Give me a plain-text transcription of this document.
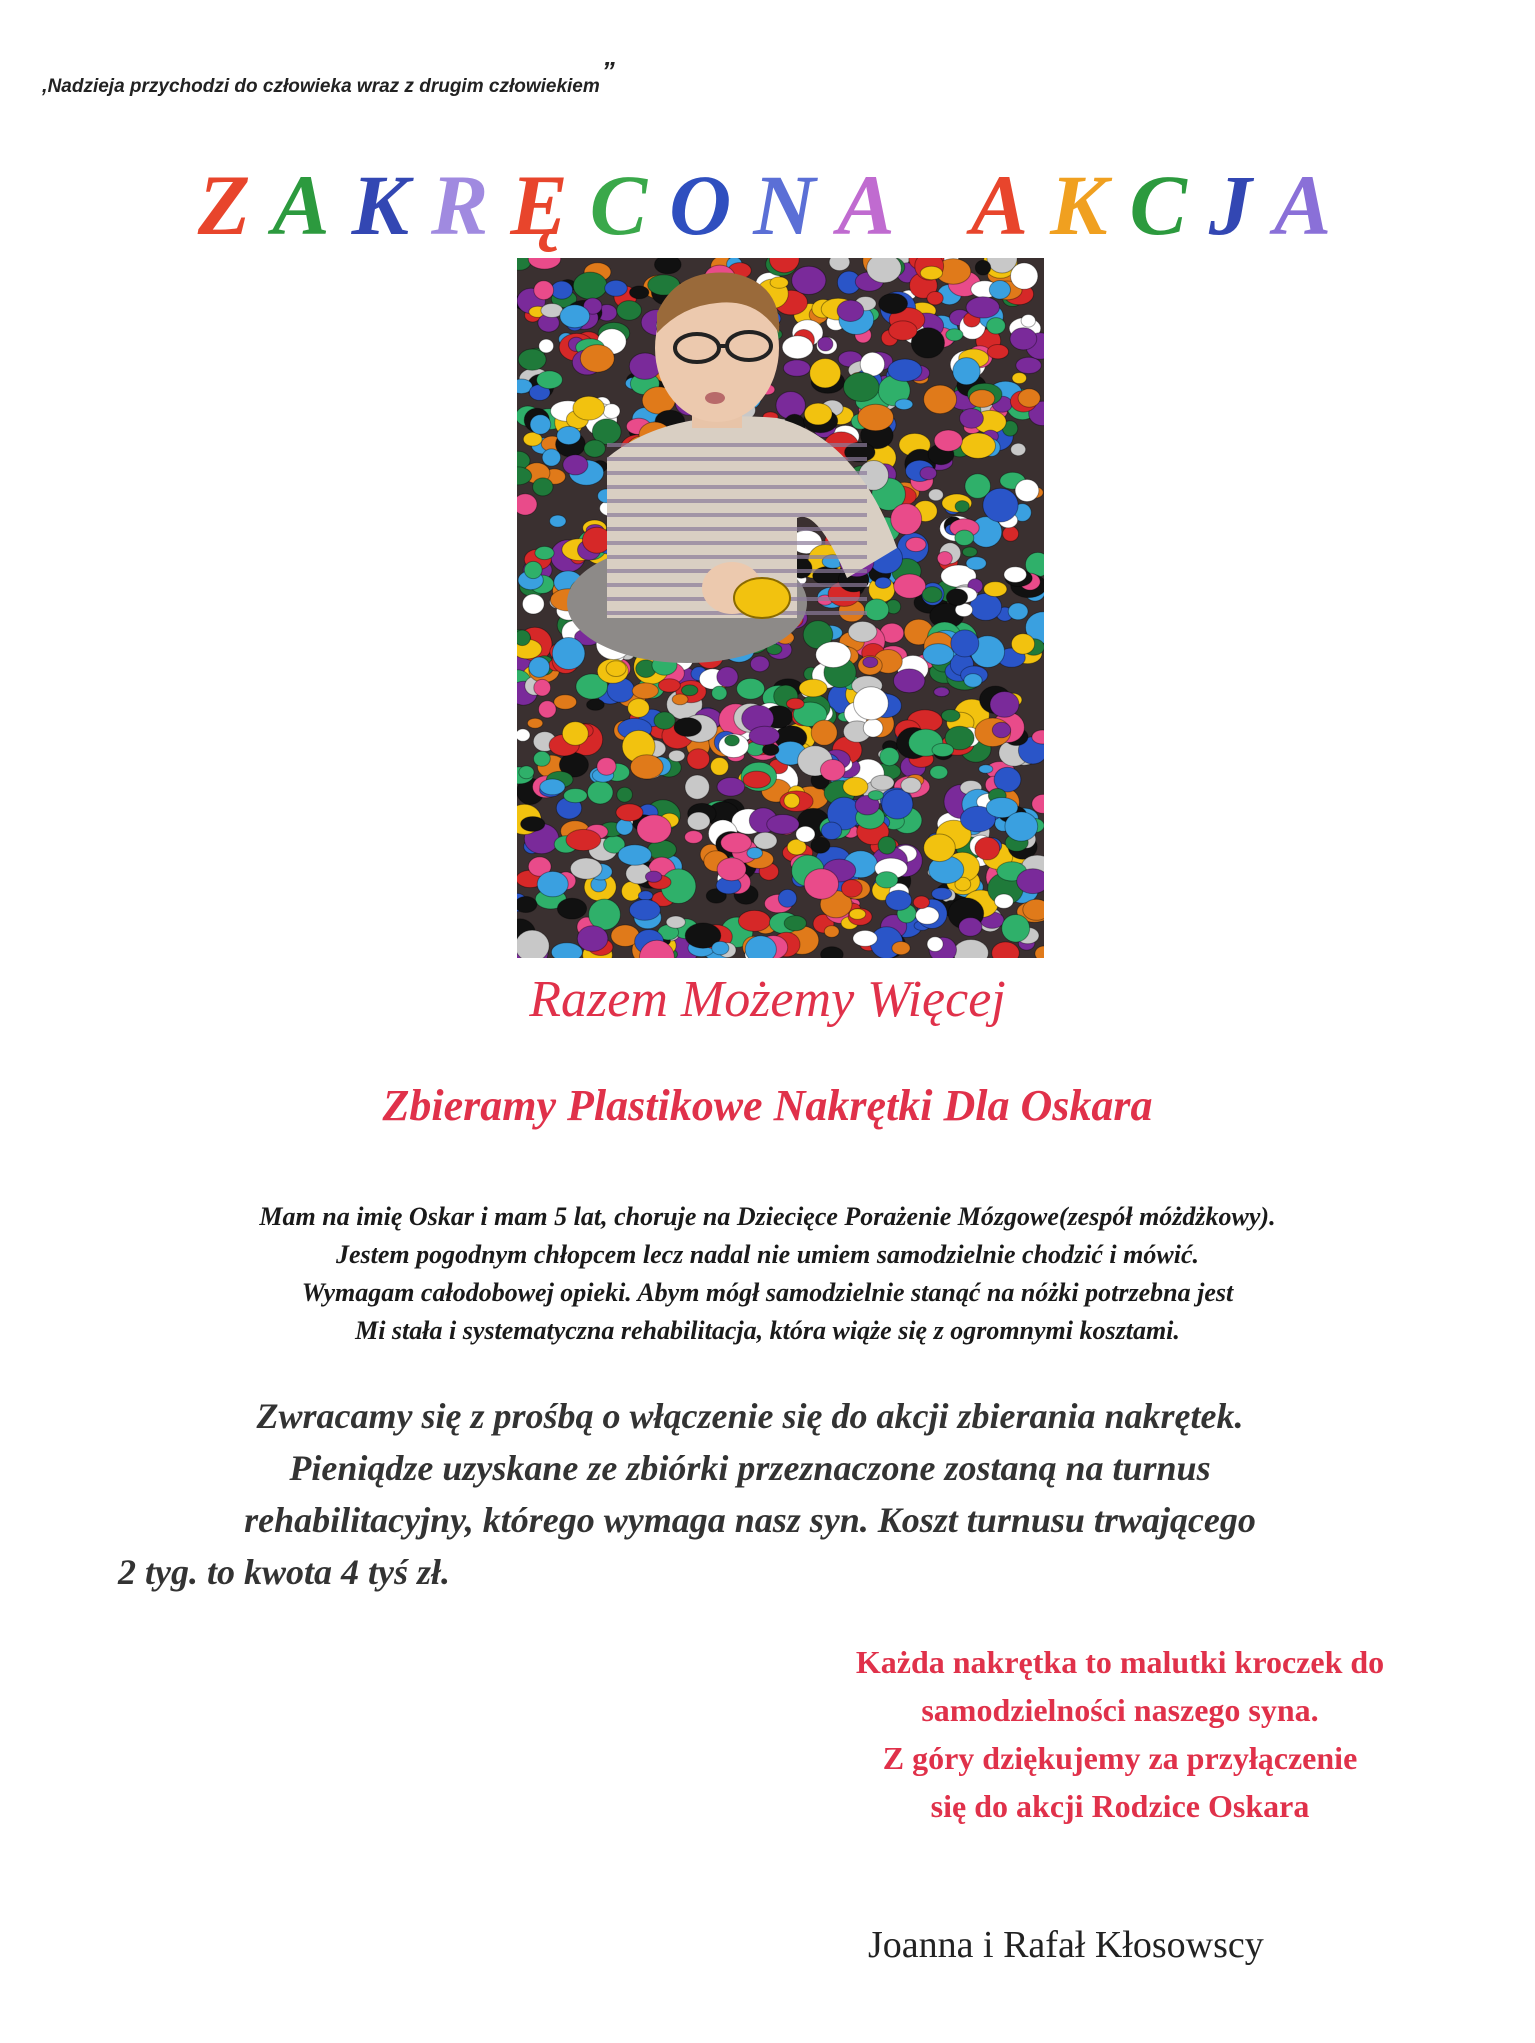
,Nadzieja przychodzi do człowieka wraz z drugim człowiekiem”
Z A K R Ę C O N A A K C J A
Razem Możemy Więcej
Zbieramy Plastikowe Nakrętki Dla Oskara
Mam na imię Oskar i mam 5 lat, choruje na Dziecięce Porażenie Mózgowe(zespół móżdżkowy).
Jestem pogodnym chłopcem lecz nadal nie umiem samodzielnie chodzić i mówić.
Wymagam całodobowej opieki. Abym mógł samodzielnie stanąć na nóżki potrzebna jest
Mi stała i systematyczna rehabilitacja, która wiąże się z ogromnymi kosztami.
Zwracamy się z prośbą o włączenie się do akcji zbierania nakrętek.
Pieniądze uzyskane ze zbiórki przeznaczone zostaną na turnus
rehabilitacyjny, którego wymaga nasz syn. Koszt turnusu trwającego
2 tyg. to kwota 4 tyś zł.
Każda nakrętka to malutki kroczek do
samodzielności naszego syna.
Z góry dziękujemy za przyłączenie
się do akcji Rodzice Oskara
Joanna i Rafał Kłosowscy
